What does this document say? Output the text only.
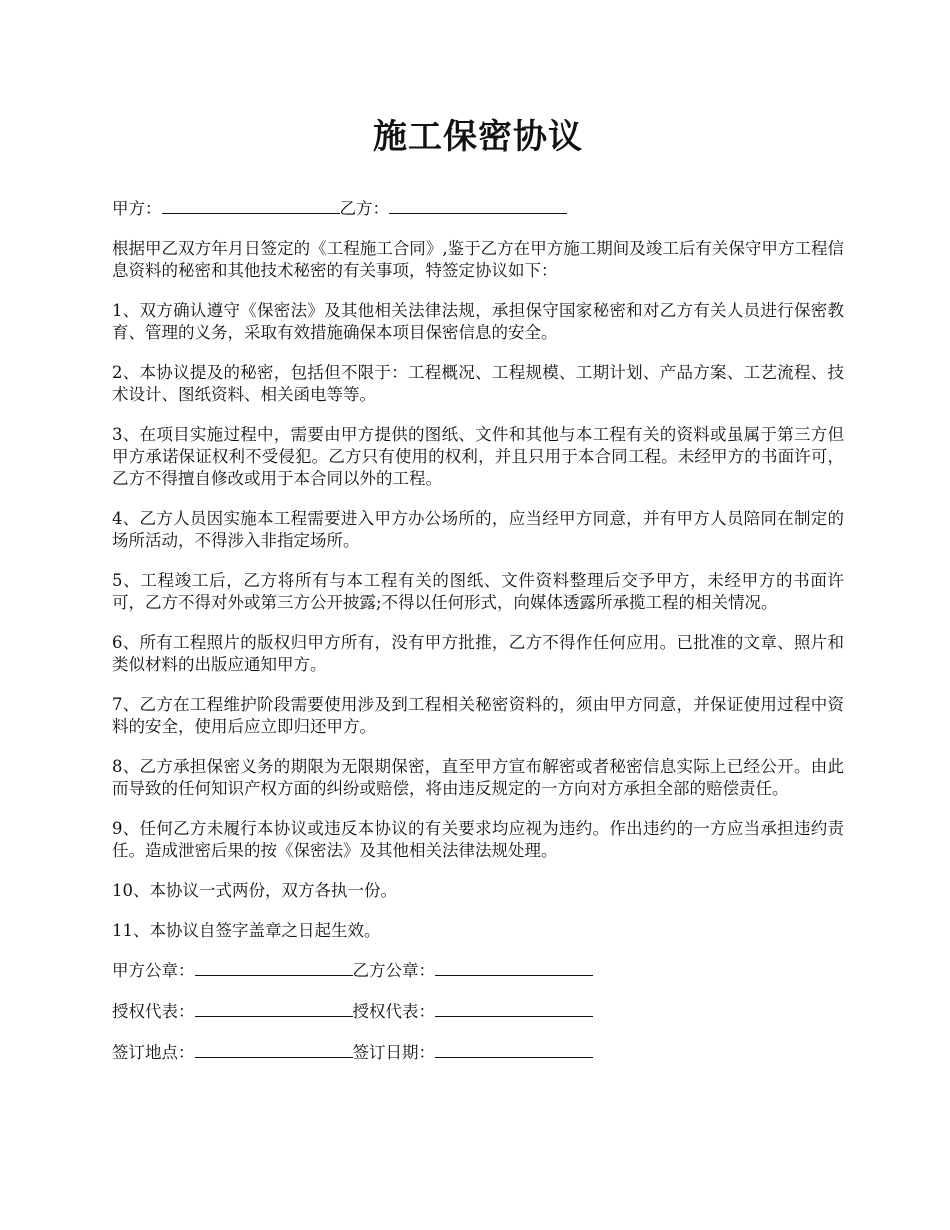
施工保密协议
甲方：	乙方：

根据甲乙双方年月日签定的《工程施工合同》,鉴于乙方在甲方施工期间及竣工后有关保守甲方工程信息资料的秘密和其他技术秘密的有关事项，特签定协议如下：

1、双方确认遵守《保密法》及其他相关法律法规，承担保守国家秘密和对乙方有关人员进行保密教育、管理的义务，采取有效措施确保本项目保密信息的安全。

2、本协议提及的秘密，包括但不限于：工程概况、工程规模、工期计划、产品方案、工艺流程、技术设计、图纸资料、相关函电等等。

3、在项目实施过程中，需要由甲方提供的图纸、文件和其他与本工程有关的资料或虽属于第三方但甲方承诺保证权利不受侵犯。乙方只有使用的权利，并且只用于本合同工程。未经甲方的书面许可，乙方不得擅自修改或用于本合同以外的工程。

4、乙方人员因实施本工程需要进入甲方办公场所的，应当经甲方同意，并有甲方人员陪同在制定的场所活动，不得涉入非指定场所。

5、工程竣工后，乙方将所有与本工程有关的图纸、文件资料整理后交予甲方，未经甲方的书面许可，乙方不得对外或第三方公开披露;不得以任何形式，向媒体透露所承揽工程的相关情况。

6、所有工程照片的版权归甲方所有，没有甲方批推，乙方不得作任何应用。已批准的文章、照片和类似材料的出版应通知甲方。

7、乙方在工程维护阶段需要使用涉及到工程相关秘密资料的，须由甲方同意，并保证使用过程中资料的安全，使用后应立即归还甲方。

8、乙方承担保密义务的期限为无限期保密，直至甲方宣布解密或者秘密信息实际上已经公开。由此而导致的任何知识产权方面的纠纷或赔偿，将由违反规定的一方向对方承担全部的赔偿责任。

9、任何乙方未履行本协议或违反本协议的有关要求均应视为违约。作出违约的一方应当承担违约责任。造成泄密后果的按《保密法》及其他相关法律法规处理。

10、本协议一式两份，双方各执一份。

11、本协议自签字盖章之日起生效。

甲方公章：	乙方公章：
授权代表：	授权代表：
签订地点：	签订日期：
